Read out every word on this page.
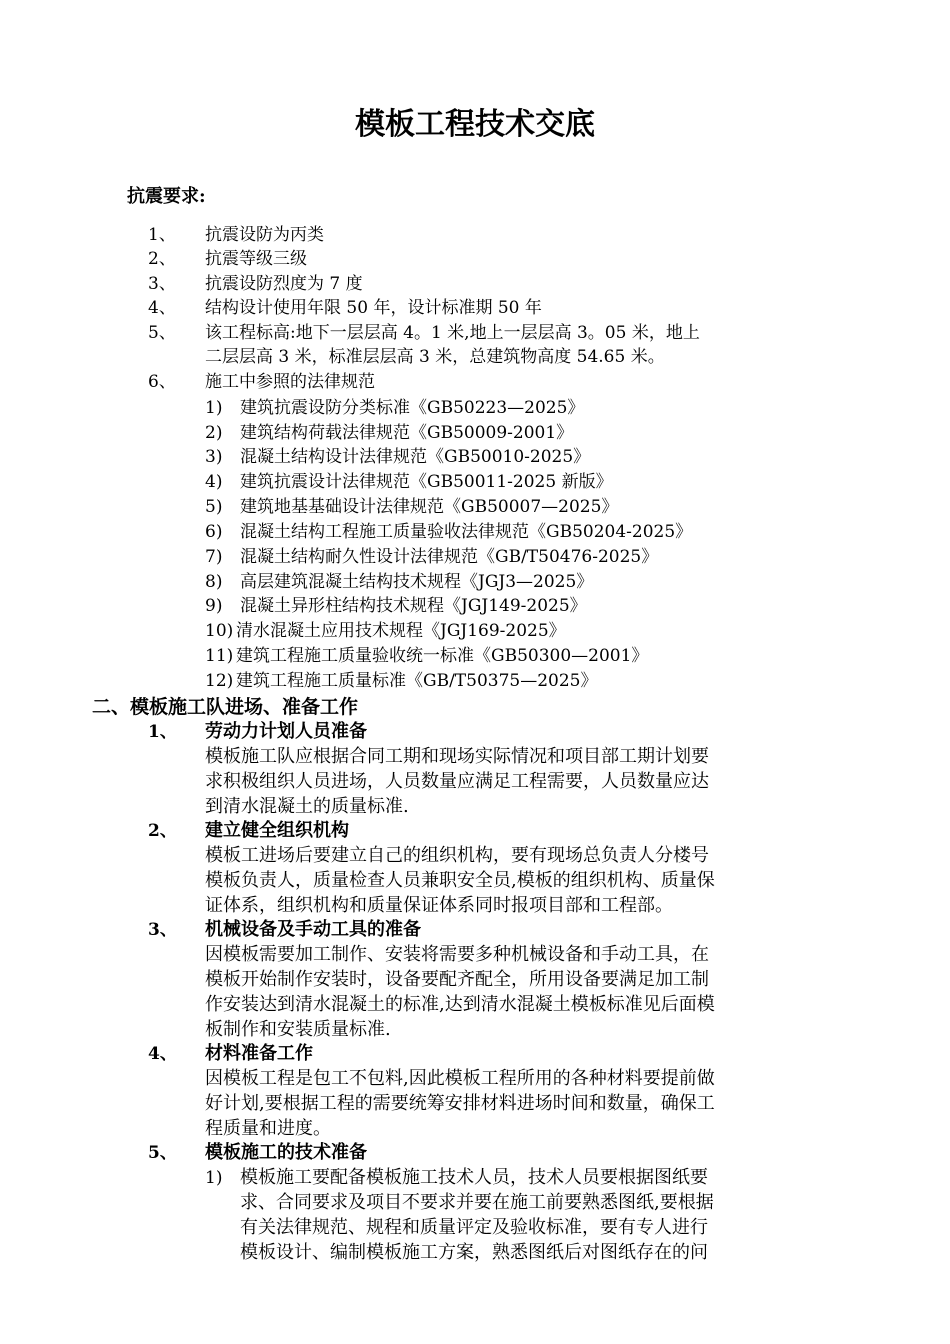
模板工程技术交底
抗震要求:
1、 抗震设防为丙类
2、 抗震等级三级
3、 抗震设防烈度为 7 度
4、 结构设计使用年限 50 年，设计标准期 50 年
5、 该工程标高:地下一层层高 4。1 米,地上一层层高 3。05 米，地上
二层层高 3 米，标准层层高 3 米，总建筑物高度 54.65 米。
6、 施工中参照的法律规范
1) 建筑抗震设防分类标准《GB50223—2025》
2) 建筑结构荷载法律规范《GB50009-2001》
3) 混凝土结构设计法律规范《GB50010-2025》
4) 建筑抗震设计法律规范《GB50011-2025 新版》
5) 建筑地基基础设计法律规范《GB50007—2025》
6) 混凝土结构工程施工质量验收法律规范《GB50204-2025》
7) 混凝土结构耐久性设计法律规范《GB/T50476-2025》
8) 高层建筑混凝土结构技术规程《JGJ3—2025》
9) 混凝土异形柱结构技术规程《JGJ149-2025》
10) 清水混凝土应用技术规程《JGJ169-2025》
11) 建筑工程施工质量验收统一标准《GB50300—2001》
12) 建筑工程施工质量标准《GB/T50375—2025》
二、模板施工队进场、准备工作
1、 劳动力计划人员准备
模板施工队应根据合同工期和现场实际情况和项目部工期计划要
求积极组织人员进场，人员数量应满足工程需要，人员数量应达
到清水混凝土的质量标准.
2、 建立健全组织机构
模板工进场后要建立自己的组织机构，要有现场总负责人分楼号
模板负责人，质量检查人员兼职安全员,模板的组织机构、质量保
证体系，组织机构和质量保证体系同时报项目部和工程部。
3、 机械设备及手动工具的准备
因模板需要加工制作、安装将需要多种机械设备和手动工具，在
模板开始制作安装时，设备要配齐配全，所用设备要满足加工制
作安装达到清水混凝土的标准,达到清水混凝土模板标准见后面模
板制作和安装质量标准.
4、 材料准备工作
因模板工程是包工不包料,因此模板工程所用的各种材料要提前做
好计划,要根据工程的需要统筹安排材料进场时间和数量，确保工
程质量和进度。
5、 模板施工的技术准备
1) 模板施工要配备模板施工技术人员，技术人员要根据图纸要
求、合同要求及项目不要求并要在施工前要熟悉图纸,要根据
有关法律规范、规程和质量评定及验收标准，要有专人进行
模板设计、编制模板施工方案，熟悉图纸后对图纸存在的问
